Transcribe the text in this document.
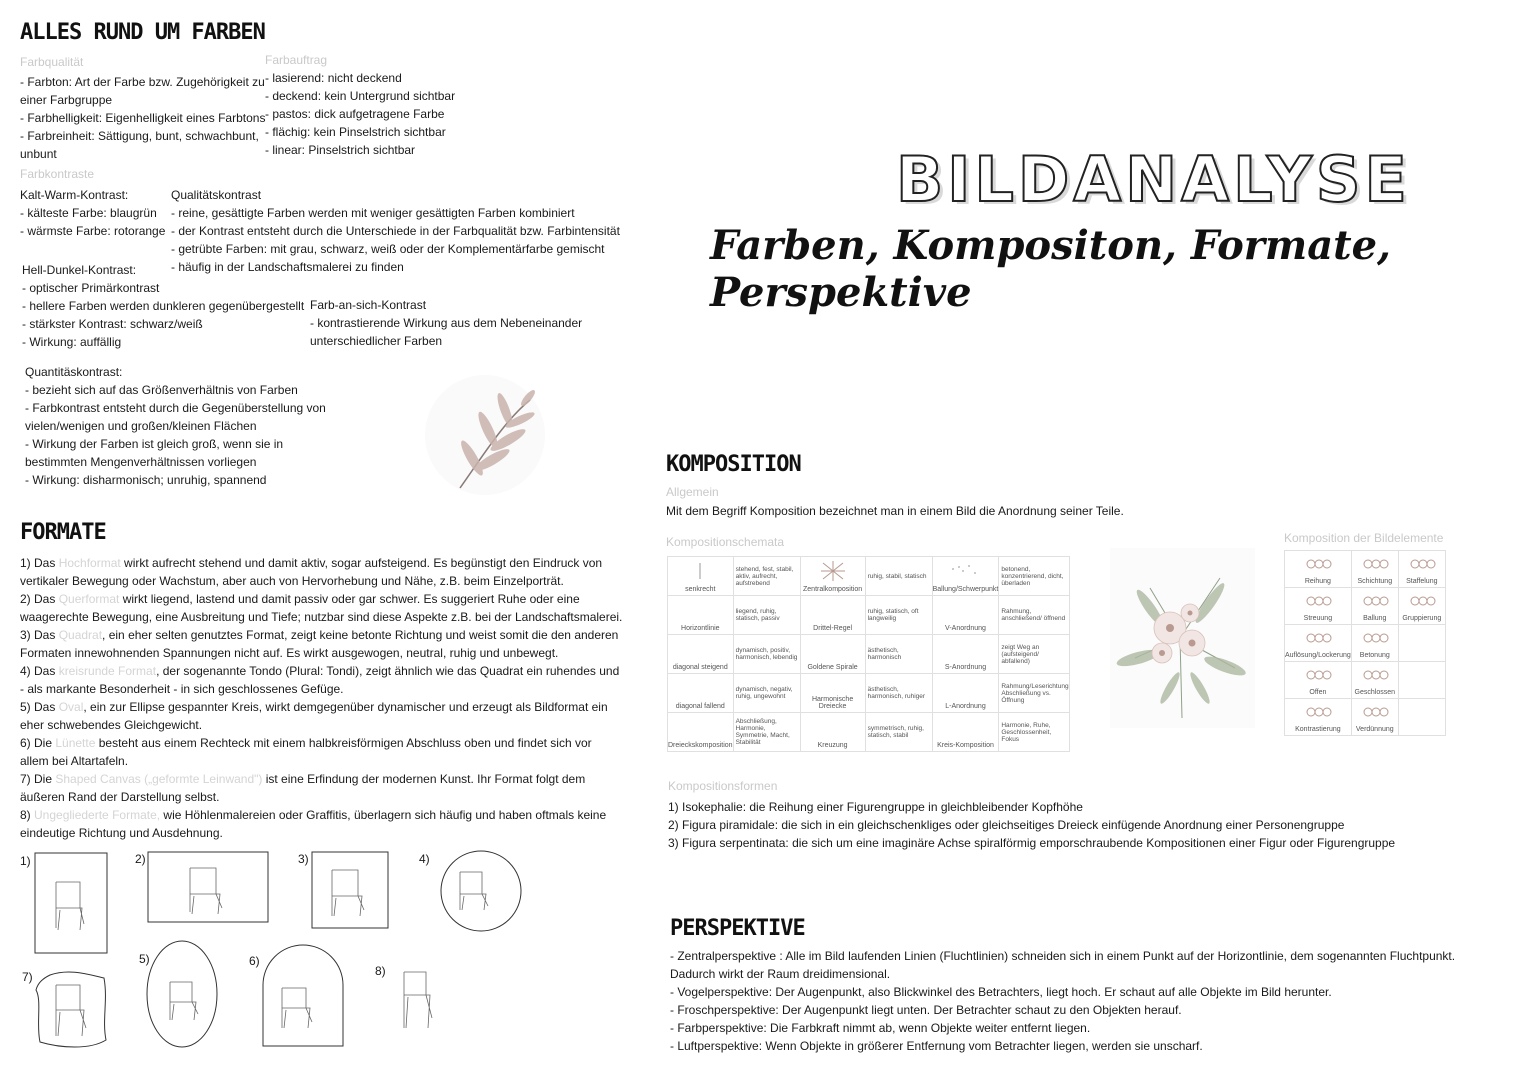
ALLES RUND UM FARBEN
Farbqualität
- Farbton: Art der Farbe bzw. Zugehörigkeit zu
einer Farbgruppe
- Farbhelligkeit: Eigenhelligkeit eines Farbtons
- Farbreinheit: Sättigung, bunt, schwachbunt,
unbunt
Farbauftrag
- lasierend: nicht deckend
- deckend: kein Untergrund sichtbar
- pastos: dick aufgetragene Farbe
- flächig: kein Pinselstrich sichtbar
- linear: Pinselstrich sichtbar
Farbkontraste
Kalt-Warm-Kontrast:
- kälteste Farbe: blaugrün
- wärmste Farbe: rotorange
Qualitätskontrast
- reine, gesättigte Farben werden mit weniger gesättigten Farben kombiniert
- der Kontrast entsteht durch die Unterschiede in der Farbqualität bzw. Farbintensität
- getrübte Farben: mit grau, schwarz, weiß oder der Komplementärfarbe gemischt
- häufig in der Landschaftsmalerei zu finden
Hell-Dunkel-Kontrast:
- optischer Primärkontrast
- hellere Farben werden dunkleren gegenübergestellt
- stärkster Kontrast: schwarz/weiß
- Wirkung: auffällig
Farb-an-sich-Kontrast
- kontrastierende Wirkung aus dem Nebeneinander
unterschiedlicher Farben
Quantitäskontrast:
- bezieht sich auf das Größenverhältnis von Farben
- Farbkontrast entsteht durch die Gegenüberstellung von
vielen/wenigen und großen/kleinen Flächen
- Wirkung der Farben ist gleich groß, wenn sie in
bestimmten Mengenverhältnissen vorliegen
- Wirkung: disharmonisch; unruhig, spannend
FORMATE
1) Das Hochformat wirkt aufrecht stehend und damit aktiv, sogar aufsteigend. Es begünstigt den Eindruck von
vertikaler Bewegung oder Wachstum, aber auch von Hervorhebung und Nähe, z.B. beim Einzelporträt.
2) Das Querformat wirkt liegend, lastend und damit passiv oder gar schwer. Es suggeriert Ruhe oder eine
waagerechte Bewegung, eine Ausbreitung und Tiefe; nutzbar sind diese Aspekte z.B. bei der Landschaftsmalerei.
3) Das Quadrat, ein eher selten genutztes Format, zeigt keine betonte Richtung und weist somit die den anderen
Formaten innewohnenden Spannungen nicht auf. Es wirkt ausgewogen, neutral, ruhig und unbewegt.
4) Das kreisrunde Format, der sogenannte Tondo (Plural: Tondi), zeigt ähnlich wie das Quadrat ein ruhendes und
- als markante Besonderheit - in sich geschlossenes Gefüge.
5) Das Oval, ein zur Ellipse gespannter Kreis, wirkt demgegenüber dynamischer und erzeugt als Bildformat ein
eher schwebendes Gleichgewicht.
6) Die Lünette besteht aus einem Rechteck mit einem halbkreisförmigen Abschluss oben und findet sich vor
allem bei Altartafeln.
7) Die Shaped Canvas („geformte Leinwand") ist eine Erfindung der modernen Kunst. Ihr Format folgt dem
äußeren Rand der Darstellung selbst.
8) Ungegliederte Formate, wie Höhlenmalereien oder Graffitis, überlagern sich häufig und haben oftmals keine
eindeutige Richtung und Ausdehnung.
1)	2)	3)	4)
5)	6)
7)	8)
BILDANALYSE
Farben, Kompositon, Formate, Perspektive
KOMPOSITION
Allgemein
Mit dem Begriff Komposition bezeichnet man in einem Bild die Anordnung seiner Teile.
Kompositionschemata
senkrecht	stehend, fest, stabil, aktiv, aufrecht, aufstrebend	Zentralkomposition	ruhig, stabil, statisch	Ballung/Schwerpunkt	betonend, konzentrierend, dicht, überladen

Horizontlinie	liegend, ruhig, statisch, passiv	Drittel-Regel	ruhig, statisch, oft langweilig	V-Anordnung	Rahmung, anschließend/ öffnend

diagonal steigend	dynamisch, positiv, harmonisch, lebendig	Goldene Spirale	ästhetisch, harmonisch	S-Anordnung	zeigt Weg an (aufsteigend/ abfallend)

diagonal fallend	dynamisch, negativ, ruhig, ungewohnt	Harmonische Dreiecke	ästhetisch, harmonisch, ruhiger	L-Anordnung	Rahmung/Leserichtung Abschließung vs. Öffnung

Dreieckskomposition	Abschließung, Harmonie, Symmetrie, Macht, Stabilität	Kreuzung	symmetrisch, ruhig, statisch, stabil	Kreis-Komposition	Harmonie, Ruhe, Geschlossenheit, Fokus
Komposition der Bildelemente
Reihung	Schichtung	Staffelung

Streuung	Ballung	Gruppierung

Auflösung/Lockerung	Betonung	

Offen	Geschlossen	

Kontrastierung	Verdünnung	

Kompositionsformen
1) Isokephalie: die Reihung einer Figurengruppe in gleichbleibender Kopfhöhe
2) Figura piramidale: die sich in ein gleichschenkliges oder gleichseitiges Dreieck einfügende Anordnung einer Personengruppe
3) Figura serpentinata: die sich um eine imaginäre Achse spiralförmig emporschraubende Kompositionen einer Figur oder Figurengruppe
PERSPEKTIVE
- Zentralperspektive : Alle im Bild laufenden Linien (Fluchtlinien) schneiden sich in einem Punkt auf der Horizontlinie, dem sogenannten Fluchtpunkt.
Dadurch wirkt der Raum dreidimensional.
- Vogelperspektive: Der Augenpunkt, also Blickwinkel des Betrachters, liegt hoch. Er schaut auf alle Objekte im Bild herunter.
- Froschperspektive: Der Augenpunkt liegt unten. Der Betrachter schaut zu den Objekten herauf.
- Farbperspektive: Die Farbkraft nimmt ab, wenn Objekte weiter entfernt liegen.
- Luftperspektive: Wenn Objekte in größerer Entfernung vom Betrachter liegen, werden sie unscharf.
